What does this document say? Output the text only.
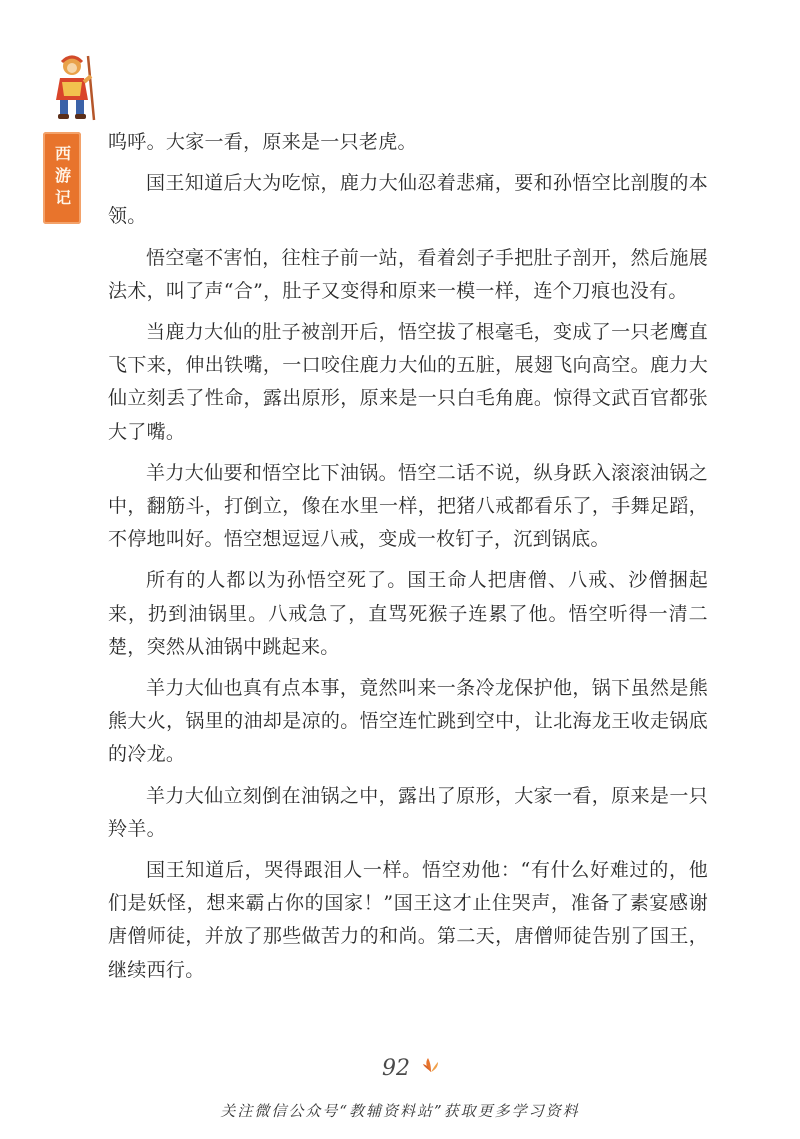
西游记

呜呼。大家一看，原来是一只老虎。

国王知道后大为吃惊，鹿力大仙忍着悲痛，要和孙悟空比剖腹的本领。

悟空毫不害怕，往柱子前一站，看着刽子手把肚子剖开，然后施展法术，叫了声“合”，肚子又变得和原来一模一样，连个刀痕也没有。

当鹿力大仙的肚子被剖开后，悟空拔了根毫毛，变成了一只老鹰直飞下来，伸出铁嘴，一口咬住鹿力大仙的五脏，展翅飞向高空。鹿力大仙立刻丢了性命，露出原形，原来是一只白毛角鹿。惊得文武百官都张大了嘴。

羊力大仙要和悟空比下油锅。悟空二话不说，纵身跃入滚滚油锅之中，翻筋斗，打倒立，像在水里一样，把猪八戒都看乐了，手舞足蹈，不停地叫好。悟空想逗逗八戒，变成一枚钉子，沉到锅底。

所有的人都以为孙悟空死了。国王命人把唐僧、八戒、沙僧捆起来，扔到油锅里。八戒急了，直骂死猴子连累了他。悟空听得一清二楚，突然从油锅中跳起来。

羊力大仙也真有点本事，竟然叫来一条冷龙保护他，锅下虽然是熊熊大火，锅里的油却是凉的。悟空连忙跳到空中，让北海龙王收走锅底的冷龙。

羊力大仙立刻倒在油锅之中，露出了原形，大家一看，原来是一只羚羊。

国王知道后，哭得跟泪人一样。悟空劝他：“有什么好难过的，他们是妖怪，想来霸占你的国家！”国王这才止住哭声，准备了素宴感谢唐僧师徒，并放了那些做苦力的和尚。第二天，唐僧师徒告别了国王，继续西行。

92
关注微信公众号“教辅资料站”获取更多学习资料
